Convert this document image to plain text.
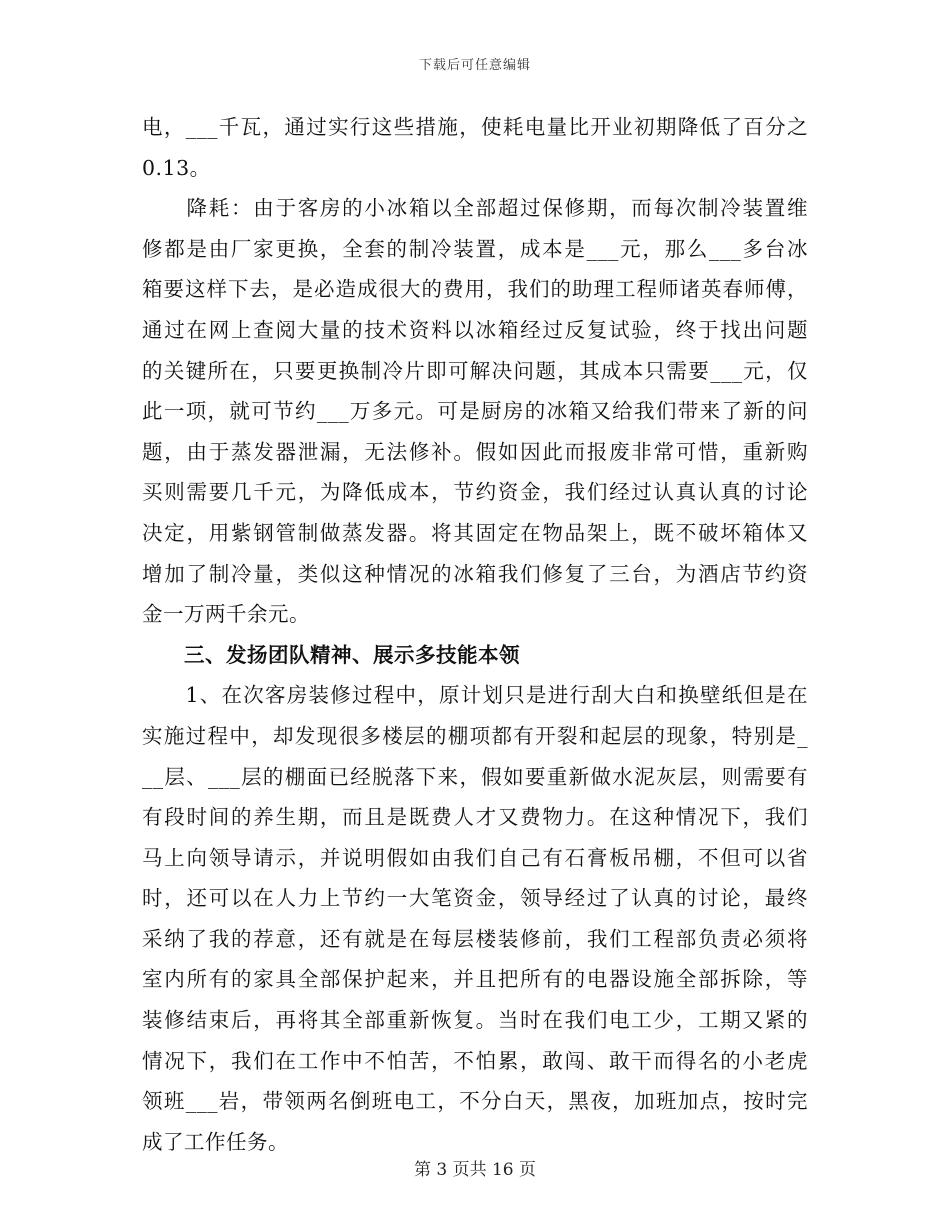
下载后可任意编辑
电，___千瓦，通过实行这些措施，使耗电量比开业初期降低了百分之
0.13。
　　降耗：由于客房的小冰箱以全部超过保修期，而每次制冷装置维
修都是由厂家更换，全套的制冷装置，成本是___元，那么___多台冰
箱要这样下去，是必造成很大的费用，我们的助理工程师诸英春师傅，
通过在网上查阅大量的技术资料以冰箱经过反复试验，终于找出问题
的关键所在，只要更换制冷片即可解决问题，其成本只需要___元，仅
此一项，就可节约___万多元。可是厨房的冰箱又给我们带来了新的问
题，由于蒸发器泄漏，无法修补。假如因此而报废非常可惜，重新购
买则需要几千元，为降低成本，节约资金，我们经过认真认真的讨论
决定，用紫钢管制做蒸发器。将其固定在物品架上，既不破坏箱体又
增加了制冷量，类似这种情况的冰箱我们修复了三台，为酒店节约资
金一万两千余元。
　　三、发扬团队精神、展示多技能本领
　　1、在次客房装修过程中，原计划只是进行刮大白和换壁纸但是在
实施过程中，却发现很多楼层的棚项都有开裂和起层的现象，特别是_
__层、___层的棚面已经脱落下来，假如要重新做水泥灰层，则需要有
有段时间的养生期，而且是既费人才又费物力。在这种情况下，我们
马上向领导请示，并说明假如由我们自己有石膏板吊棚，不但可以省
时，还可以在人力上节约一大笔资金，领导经过了认真的讨论，最终
采纳了我的荐意，还有就是在每层楼装修前，我们工程部负责必须将
室内所有的家具全部保护起来，并且把所有的电器设施全部拆除，等
装修结束后，再将其全部重新恢复。当时在我们电工少，工期又紧的
情况下，我们在工作中不怕苦，不怕累，敢闯、敢干而得名的小老虎
领班___岩，带领两名倒班电工，不分白天，黑夜，加班加点，按时完
成了工作任务。
第 3 页共 16 页
